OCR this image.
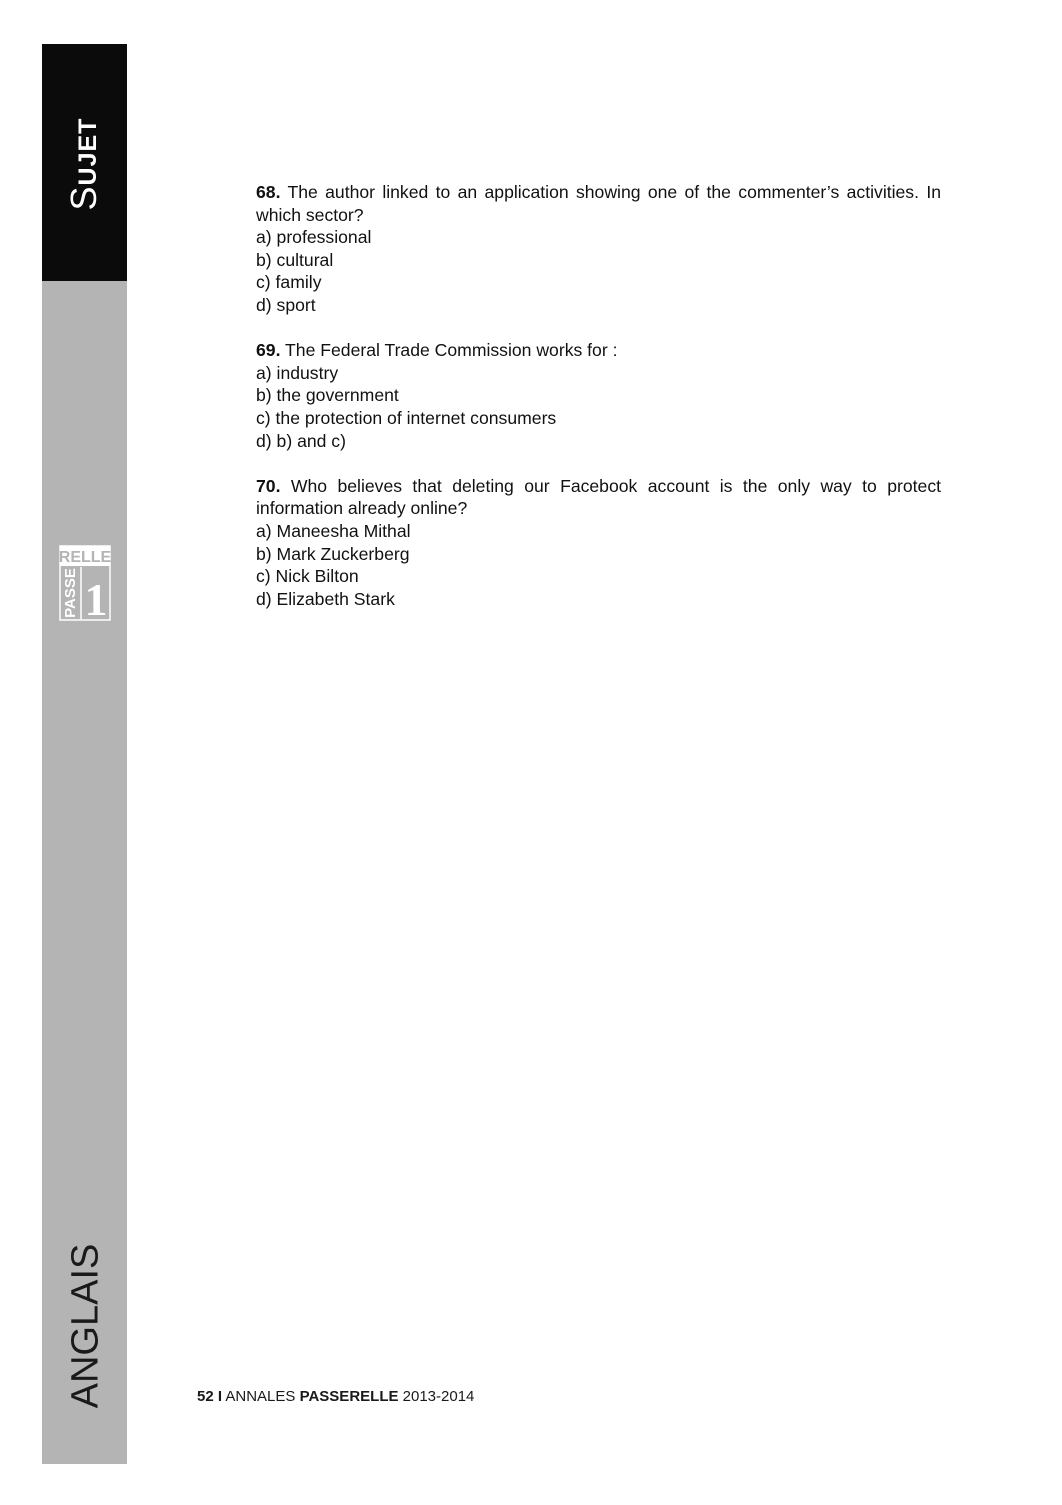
SUJET
RELLE
PASSE 1
ANGLAIS

68. The author linked to an application showing one of the commenter’s activities. In which sector?

a) professional
b) cultural
c) family
d) sport

69. The Federal Trade Commission works for :

a) industry
b) the government
c) the protection of internet consumers
d) b) and c)

70. Who believes that deleting our Facebook account is the only way to protect information already online?

a) Maneesha Mithal
b) Mark Zuckerberg
c) Nick Bilton
d) Elizabeth Stark
52 I ANNALES PASSERELLE 2013-2014
